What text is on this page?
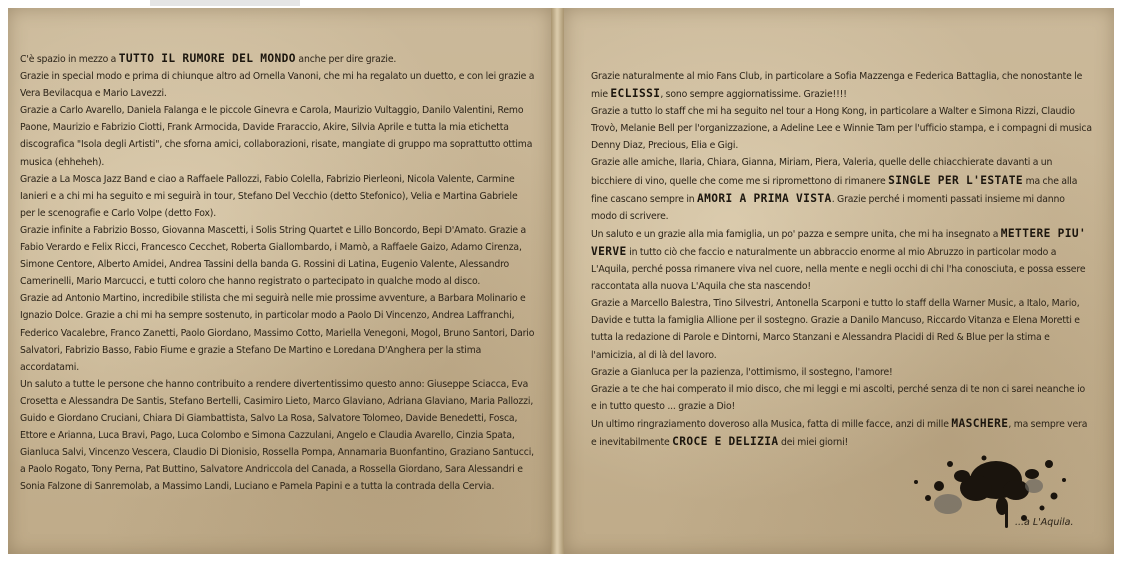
C'è spazio in mezzo a TUTTO IL RUMORE DEL MONDO anche per dire grazie.

Grazie in special modo e prima di chiunque altro ad Ornella Vanoni, che mi ha regalato un duetto, e con lei grazie a Vera Bevilacqua e Mario Lavezzi.

Grazie a Carlo Avarello, Daniela Falanga e le piccole Ginevra e Carola, Maurizio Vultaggio, Danilo Valentini, Remo Paone, Maurizio e Fabrizio Ciotti, Frank Armocida, Davide Fraraccio, Akire, Silvia Aprile e tutta la mia etichetta discografica "Isola degli Artisti", che sforna amici, collaborazioni, risate, mangiate di gruppo ma soprattutto ottima musica (ehheheh).

Grazie a La Mosca Jazz Band e ciao a Raffaele Pallozzi, Fabio Colella, Fabrizio Pierleoni, Nicola Valente, Carmine Ianieri e a chi mi ha seguito e mi seguirà in tour, Stefano Del Vecchio (detto Stefonico), Velia e Martina Gabriele per le scenografie e Carlo Volpe (detto Fox).

Grazie infinite a Fabrizio Bosso, Giovanna Mascetti, i Solis String Quartet e Lillo Boncordo, Bepi D'Amato. Grazie a Fabio Verardo e Felix Ricci, Francesco Cecchet, Roberta Giallombardo, i Mamò, a Raffaele Gaizo, Adamo Cirenza, Simone Centore, Alberto Amidei, Andrea Tassini della banda G. Rossini di Latina, Eugenio Valente, Alessandro Camerinelli, Mario Marcucci, e tutti coloro che hanno registrato o partecipato in qualche modo al disco.

Grazie ad Antonio Martino, incredibile stilista che mi seguirà nelle mie prossime avventure, a Barbara Molinario e Ignazio Dolce. Grazie a chi mi ha sempre sostenuto, in particolar modo a Paolo Di Vincenzo, Andrea Laffranchi, Federico Vacalebre, Franco Zanetti, Paolo Giordano, Massimo Cotto, Mariella Venegoni, Mogol, Bruno Santori, Dario Salvatori, Fabrizio Basso, Fabio Fiume e grazie a Stefano De Martino e Loredana D'Anghera per la stima accordatami.

Un saluto a tutte le persone che hanno contribuito a rendere divertentissimo questo anno: Giuseppe Sciacca, Eva Crosetta e Alessandra De Santis, Stefano Bertelli, Casimiro Lieto, Marco Glaviano, Adriana Glaviano, Maria Pallozzi, Guido e Giordano Cruciani, Chiara Di Giambattista, Salvo La Rosa, Salvatore Tolomeo, Davide Benedetti, Fosca, Ettore e Arianna, Luca Bravi, Pago, Luca Colombo e Simona Cazzulani, Angelo e Claudia Avarello, Cinzia Spata, Gianluca Salvi, Vincenzo Vescera, Claudio Di Dionisio, Rossella Pompa, Annamaria Buonfantino, Graziano Santucci, a Paolo Rogato, Tony Perna, Pat Buttino, Salvatore Andriccola del Canada, a Rossella Giordano, Sara Alessandri e Sonia Falzone di Sanremolab, a Massimo Landi, Luciano e Pamela Papini e a tutta la contrada della Cervia.

Grazie naturalmente al mio Fans Club, in particolare a Sofia Mazzenga e Federica Battaglia, che nonostante le mie ECLISSI, sono sempre aggiornatissime. Grazie!!!!

Grazie a tutto lo staff che mi ha seguito nel tour a Hong Kong, in particolare a Walter e Simona Rizzi, Claudio Trovò, Melanie Bell per l'organizzazione, a Adeline Lee e Winnie Tam per l'ufficio stampa, e i compagni di musica Denny Diaz, Precious, Elia e Gigi.

Grazie alle amiche, Ilaria, Chiara, Gianna, Miriam, Piera, Valeria, quelle delle chiacchierate davanti a un bicchiere di vino, quelle che come me si ripromettono di rimanere SINGLE PER L'ESTATE ma che alla fine cascano sempre in AMORI A PRIMA VISTA. Grazie perché i momenti passati insieme mi danno modo di scrivere.

Un saluto e un grazie alla mia famiglia, un po' pazza e sempre unita, che mi ha insegnato a METTERE PIU' VERVE in tutto ciò che faccio e naturalmente un abbraccio enorme al mio Abruzzo in particolar modo a L'Aquila, perché possa rimanere viva nel cuore, nella mente e negli occhi di chi l'ha conosciuta, e possa essere raccontata alla nuova L'Aquila che sta nascendo!

Grazie a Marcello Balestra, Tino Silvestri, Antonella Scarponi e tutto lo staff della Warner Music, a Italo, Mario, Davide e tutta la famiglia Allione per il sostegno. Grazie a Danilo Mancuso, Riccardo Vitanza e Elena Moretti e tutta la redazione di Parole e Dintorni, Marco Stanzani e Alessandra Placidi di Red & Blue per la stima e l'amicizia, al di là del lavoro.

Grazie a Gianluca per la pazienza, l'ottimismo, il sostegno, l'amore!

Grazie a te che hai comperato il mio disco, che mi leggi e mi ascolti, perché senza di te non ci sarei neanche io e in tutto questo ... grazie a Dio!

Un ultimo ringraziamento doveroso alla Musica, fatta di mille facce, anzi di mille MASCHERE, ma sempre vera e inevitabilmente CROCE E DELIZIA dei miei giorni!

...a L'Aquila.
